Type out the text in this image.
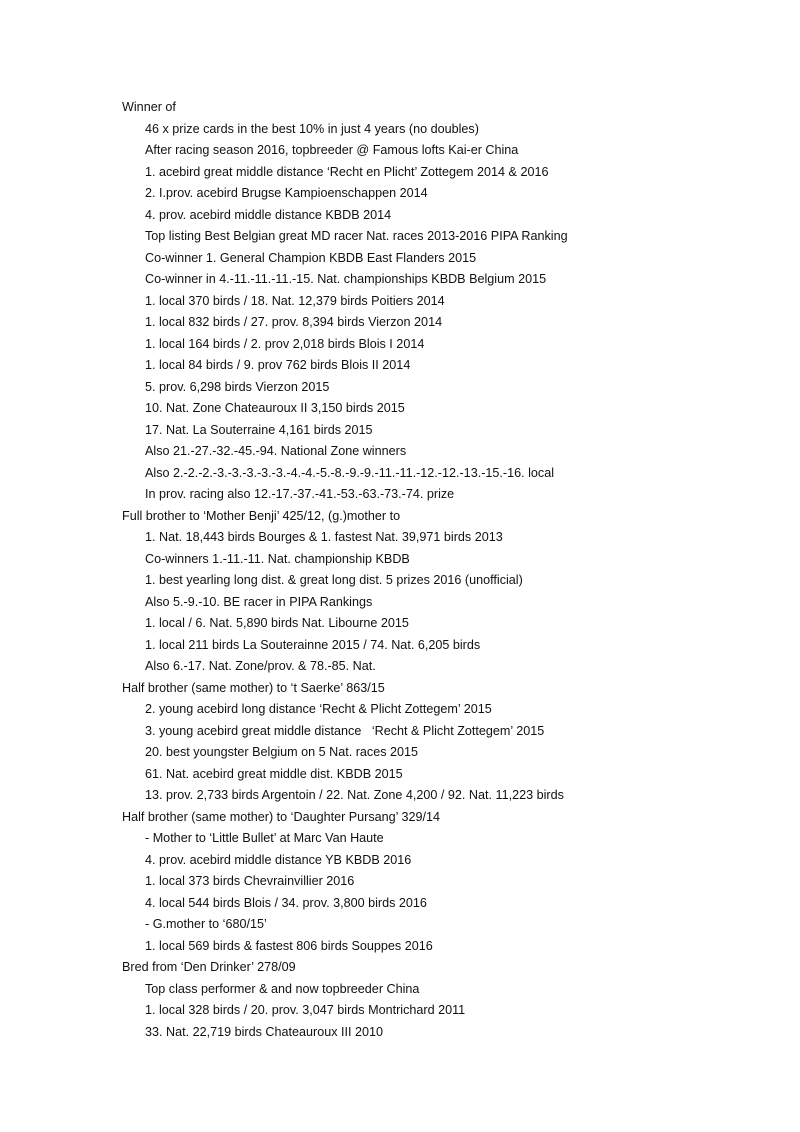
Winner of
46 x prize cards in the best 10% in just 4 years (no doubles)
After racing season 2016, topbreeder @ Famous lofts Kai-er China
1. acebird great middle distance ‘Recht en Plicht’ Zottegem 2014 & 2016
2. I.prov. acebird Brugse Kampioenschappen 2014
4. prov. acebird middle distance KBDB 2014
Top listing Best Belgian great MD racer Nat. races 2013-2016 PIPA Ranking
Co-winner 1. General Champion KBDB East Flanders 2015
Co-winner in 4.-11.-11.-11.-15. Nat. championships KBDB Belgium 2015
1. local 370 birds / 18. Nat. 12,379 birds Poitiers 2014
1. local 832 birds / 27. prov. 8,394 birds Vierzon 2014
1. local 164 birds / 2. prov 2,018 birds Blois I 2014
1. local 84 birds / 9. prov 762 birds Blois II 2014
5. prov. 6,298 birds Vierzon 2015
10. Nat. Zone Chateauroux II 3,150 birds 2015
17. Nat. La Souterraine 4,161 birds 2015
Also 21.-27.-32.-45.-94. National Zone winners
Also 2.-2.-2.-3.-3.-3.-3.-3.-4.-4.-5.-8.-9.-9.-11.-11.-12.-12.-13.-15.-16. local
In prov. racing also 12.-17.-37.-41.-53.-63.-73.-74. prize
Full brother to ‘Mother Benji’ 425/12, (g.)mother to
1. Nat. 18,443 birds Bourges & 1. fastest Nat. 39,971 birds 2013
Co-winners 1.-11.-11. Nat. championship KBDB
1. best yearling long dist. & great long dist. 5 prizes 2016 (unofficial)
Also 5.-9.-10. BE racer in PIPA Rankings
1. local / 6. Nat. 5,890 birds Nat. Libourne 2015
1. local 211 birds La Souterainne 2015 / 74. Nat. 6,205 birds
Also 6.-17. Nat. Zone/prov. & 78.-85. Nat.
Half brother (same mother) to ‘t Saerke’ 863/15
2. young acebird long distance ‘Recht & Plicht Zottegem’ 2015
3. young acebird great middle distance   ‘Recht & Plicht Zottegem’ 2015
20. best youngster Belgium on 5 Nat. races 2015
61. Nat. acebird great middle dist. KBDB 2015
13. prov. 2,733 birds Argentoin / 22. Nat. Zone 4,200 / 92. Nat. 11,223 birds
Half brother (same mother) to ‘Daughter Pursang’ 329/14
- Mother to ‘Little Bullet’ at Marc Van Haute
4. prov. acebird middle distance YB KBDB 2016
1. local 373 birds Chevrainvillier 2016
4. local 544 birds Blois / 34. prov. 3,800 birds 2016
- G.mother to ‘680/15’
1. local 569 birds & fastest 806 birds Souppes 2016
Bred from ‘Den Drinker’ 278/09
Top class performer & and now topbreeder China
1. local 328 birds / 20. prov. 3,047 birds Montrichard 2011
33. Nat. 22,719 birds Chateauroux III 2010
